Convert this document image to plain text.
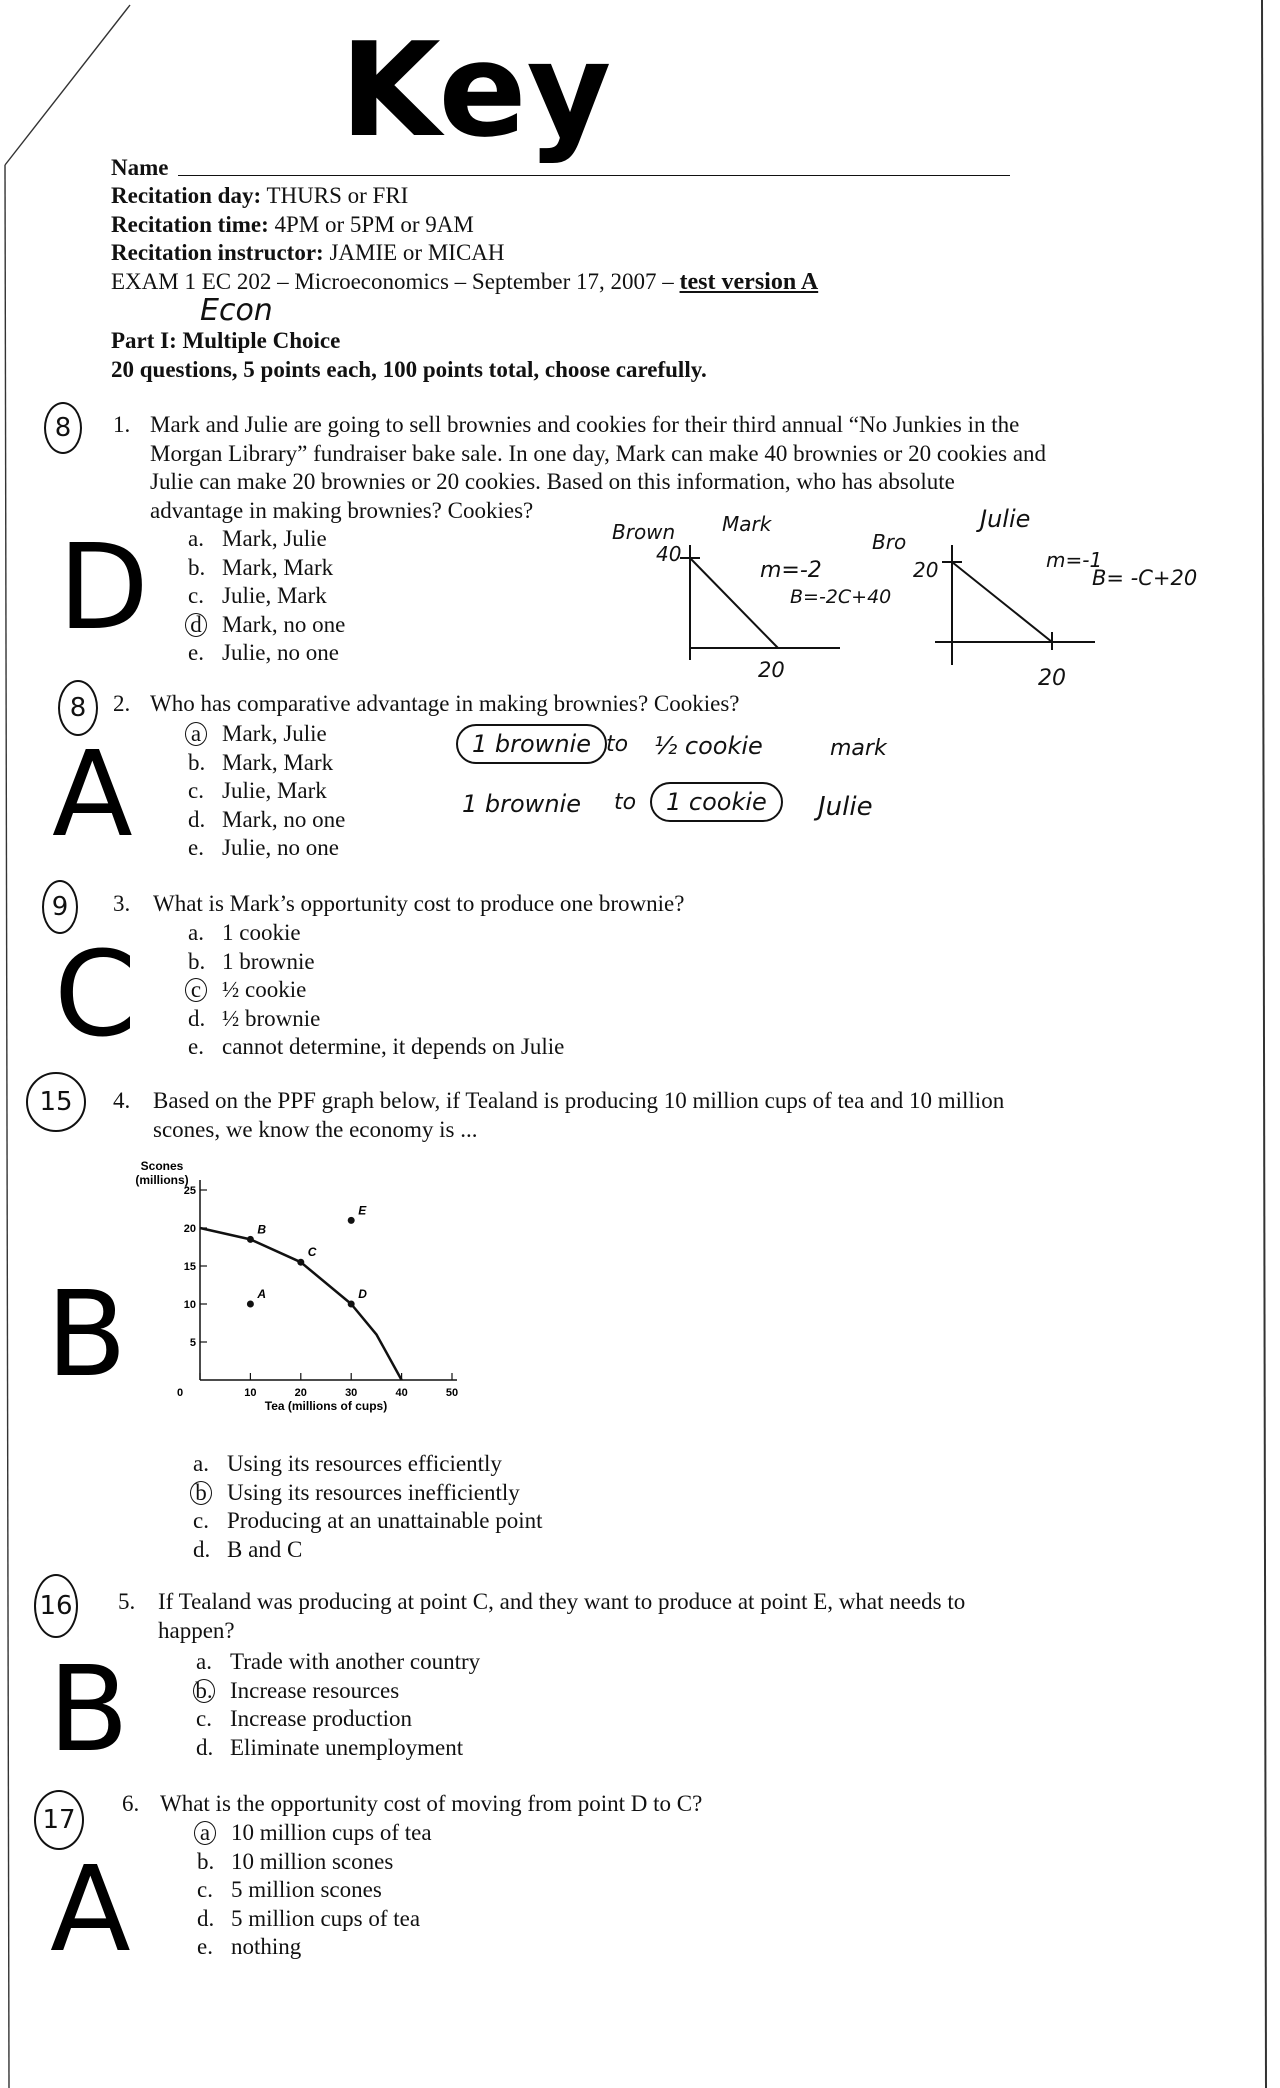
Key
Name
Recitation day: THURS or FRI
Recitation time: 4PM or 5PM or 9AM
Recitation instructor: JAMIE or MICAH
EXAM 1 EC 202 – Microeconomics – September 17, 2007 – test version A
Econ
Part I: Multiple Choice
20 questions, 5 points each, 100 points total, choose carefully.
8
D
8
A
9
C
15
B
16
B
17
A
1. Mark and Julie are going to sell brownies and cookies for their third annual “No Junkies in the Morgan Library” fundraiser bake sale. In one day, Mark can make 40 brownies or 20 cookies and Julie can make 20 brownies or 20 cookies. Based on this information, who has absolute advantage in making brownies? Cookies?
a. Mark, Julie
b. Mark, Mark
c. Julie, Mark
d Mark, no one
e. Julie, no one
Mark
Brown
40
m=-2
B=-2C+40
20
Julie
Bro
20	m=-1
B= -C+20
20
2. Who has comparative advantage in making brownies? Cookies?
a Mark, Julie
b. Mark, Mark
c. Julie, Mark
d. Mark, no one
e. Julie, no one
1 brownie to ½ cookie	mark
1 brownie to	1 cookie	Julie
3. What is Mark’s opportunity cost to produce one brownie?
a. 1 cookie
b. 1 brownie
c ½ cookie
d. ½ brownie
e. cannot determine, it depends on Julie
4. Based on the PPF graph below, if Tealand is producing 10 million cups of tea and 10 million scones, we know the economy is ...
5
10
15
20
25
0	10	20	30	40	50
Scones
(millions)
Tea (millions of cups)
A
B
C
D
E
a. Using its resources efficiently
b Using its resources inefficiently
c. Producing at an unattainable point
d. B and C
5. If Tealand was producing at point C, and they want to produce at point E, what needs to happen?
a. Trade with another country
b. Increase resources
c. Increase production
d. Eliminate unemployment
6. What is the opportunity cost of moving from point D to C?
a 10 million cups of tea
b. 10 million scones
c. 5 million scones
d. 5 million cups of tea
e. nothing
